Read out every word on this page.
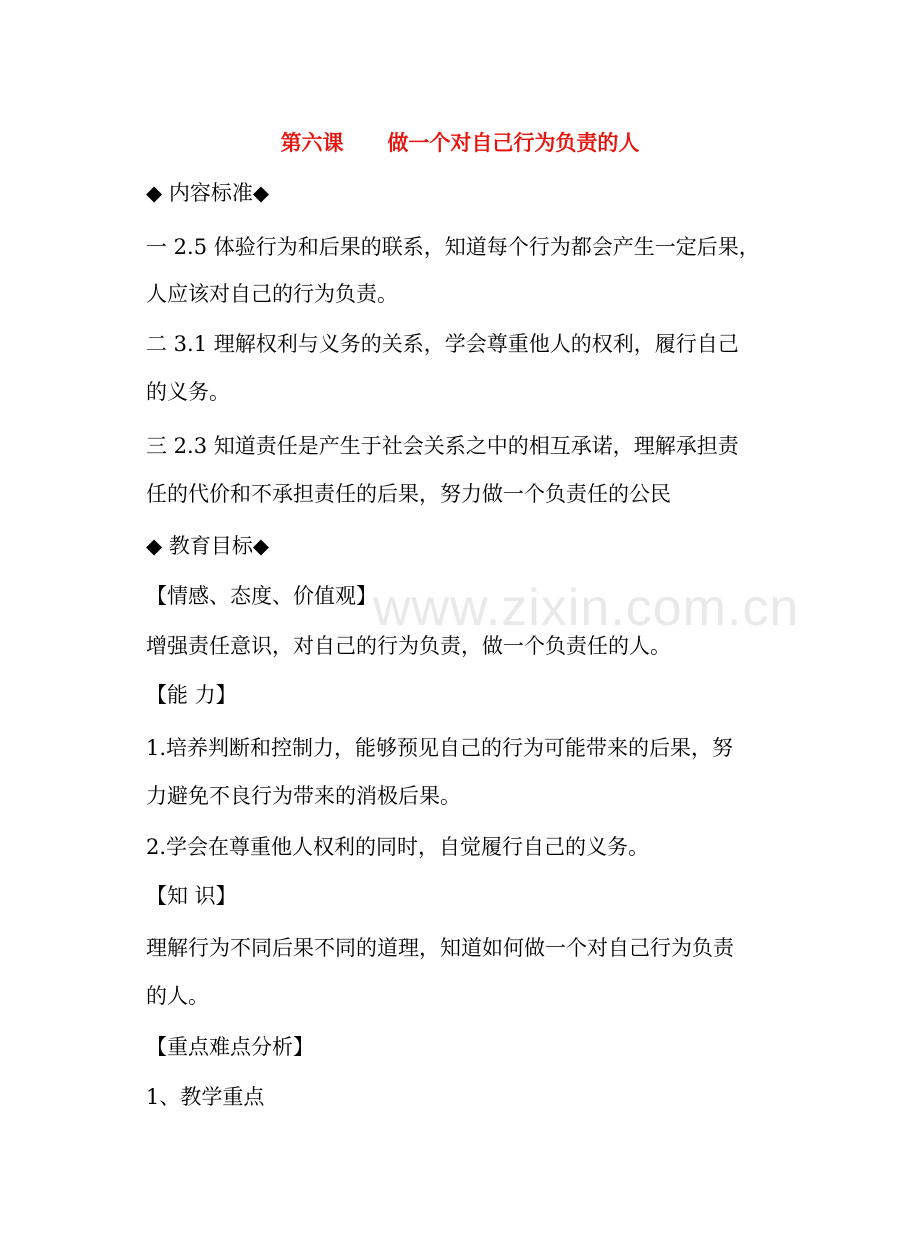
www.zixin.com.cn
第六课      做一个对自己行为负责的人
◆ 内容标准◆
一 2.5 体验行为和后果的联系，知道每个行为都会产生一定后果，
人应该对自己的行为负责。
二 3.1 理解权利与义务的关系，学会尊重他人的权利，履行自己
的义务。
三 2.3 知道责任是产生于社会关系之中的相互承诺，理解承担责
任的代价和不承担责任的后果，努力做一个负责任的公民
◆ 教育目标◆
【情感、态度、价值观】
增强责任意识，对自己的行为负责，做一个负责任的人。
【能 力】
1.培养判断和控制力，能够预见自己的行为可能带来的后果，努
力避免不良行为带来的消极后果。
2.学会在尊重他人权利的同时，自觉履行自己的义务。
【知 识】
理解行为不同后果不同的道理，知道如何做一个对自己行为负责
的人。
【重点难点分析】
1、教学重点
